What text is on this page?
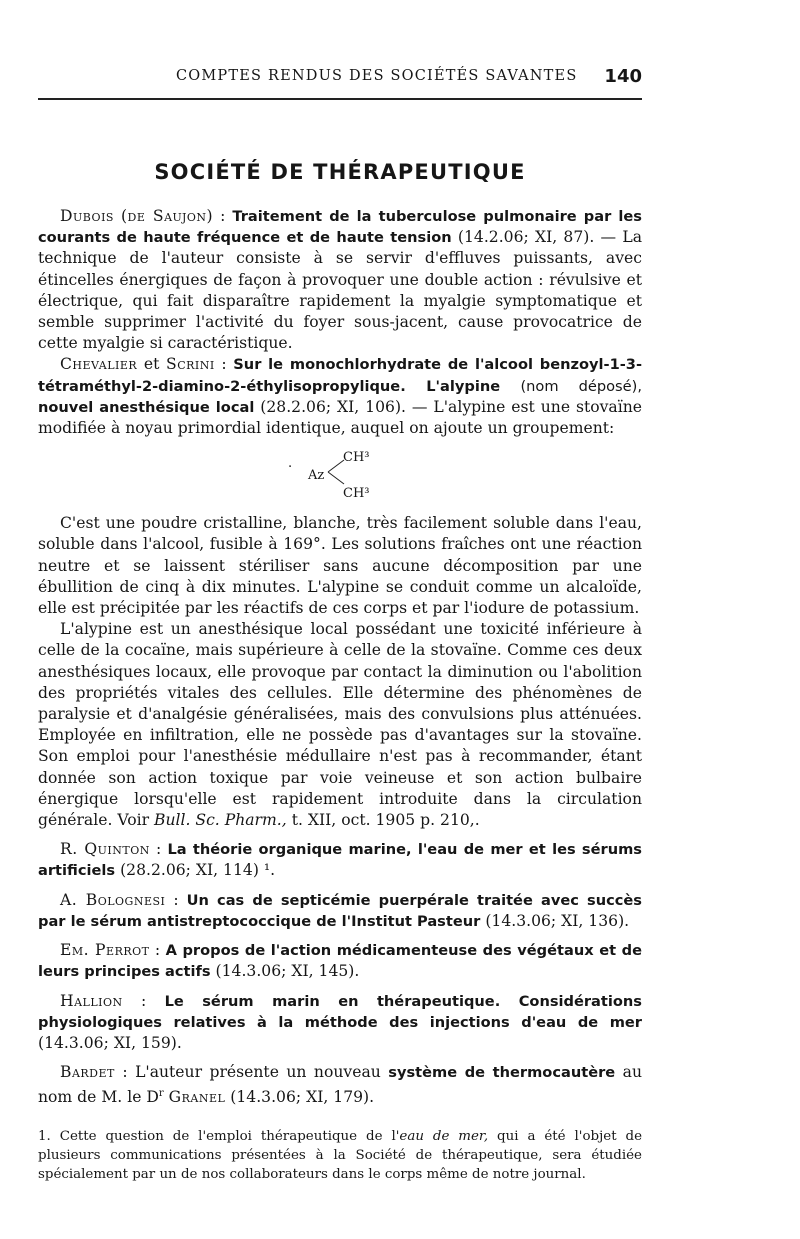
COMPTES RENDUS DES SOCIÉTÉS SAVANTES 140
SOCIÉTÉ DE THÉRAPEUTIQUE

Dubois (de Saujon) : Traitement de la tuberculose pulmonaire par les courants de haute fréquence et de haute tension (14.2.06; XI, 87). — La technique de l'auteur consiste à se servir d'effluves puissants, avec étincelles énergiques de façon à provoquer une double action : révulsive et électrique, qui fait disparaître rapidement la myalgie symptomatique et semble supprimer l'activité du foyer sous-jacent, cause provocatrice de cette myalgie si caractéristique.

Chevalier et Scrini : Sur le monochlorhydrate de l'alcool benzoyl-1-3-tétraméthyl-2-diamino-2-éthylisopropylique. L'alypine (nom déposé), nouvel anesthésique local (28.2.06; XI, 106). — L'alypine est une stovaïne modifiée à noyau primordial identique, auquel on ajoute un groupement:

.
Az
CH³
CH³

C'est une poudre cristalline, blanche, très facilement soluble dans l'eau, soluble dans l'alcool, fusible à 169°. Les solutions fraîches ont une réaction neutre et se laissent stériliser sans aucune décomposition par une ébullition de cinq à dix minutes. L'alypine se conduit comme un alcaloïde, elle est précipitée par les réactifs de ces corps et par l'iodure de potassium.

L'alypine est un anesthésique local possédant une toxicité inférieure à celle de la cocaïne, mais supérieure à celle de la stovaïne. Comme ces deux anesthésiques locaux, elle provoque par contact la diminution ou l'abolition des propriétés vitales des cellules. Elle détermine des phénomènes de paralysie et d'analgésie généralisées, mais des convulsions plus atténuées. Employée en infiltration, elle ne possède pas d'avantages sur la stovaïne. Son emploi pour l'anesthésie médullaire n'est pas à recommander, étant donnée son action toxique par voie veineuse et son action bulbaire énergique lorsqu'elle est rapidement introduite dans la circulation générale. Voir Bull. Sc. Pharm., t. XII, oct. 1905 p. 210,.

R. Quinton : La théorie organique marine, l'eau de mer et les sérums artificiels (28.2.06; XI, 114) ¹.

A. Bolognesi : Un cas de septicémie puerpérale traitée avec succès par le sérum antistreptococcique de l'Institut Pasteur (14.3.06; XI, 136).

Em. Perrot : A propos de l'action médicamenteuse des végétaux et de leurs principes actifs (14.3.06; XI, 145).

Hallion : Le sérum marin en thérapeutique. Considérations physiologiques relatives à la méthode des injections d'eau de mer (14.3.06; XI, 159).

Bardet : L'auteur présente un nouveau système de thermocautère au nom de M. le $D^r$ Granel (14.3.06; XI, 179).

1. Cette question de l'emploi thérapeutique de l'eau de mer, qui a été l'objet de plusieurs communications présentées à la Société de thérapeutique, sera étudiée spécialement par un de nos collaborateurs dans le corps même de notre journal.
